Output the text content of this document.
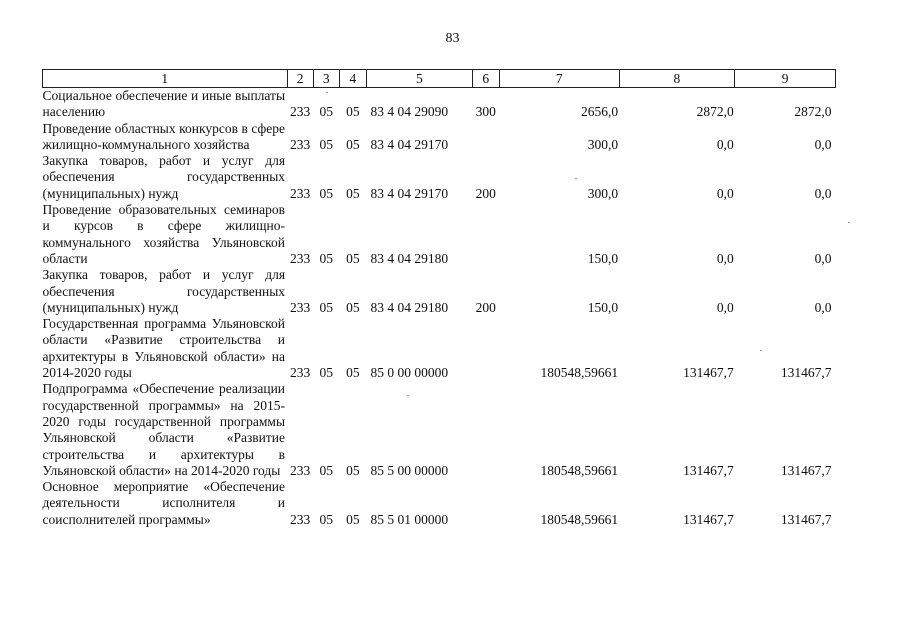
83
1	2	3	4	5	6	7	8	9
Социальное обеспечение и иные выплаты населению	233	05	05	83 4 04 29090	300	2656,0	2872,0	2872,0
Проведение областных конкурсов в сфере жилищно-коммунального хозяйства	233	05	05	83 4 04 29170		300,0	0,0	0,0
Закупка товаров, работ и услуг для обеспечения государственных (муниципальных) нужд	233	05	05	83 4 04 29170	200	300,0	0,0	0,0
Проведение образовательных семинаров и курсов в сфере жилищно-коммунального хозяйства Ульяновской области	233	05	05	83 4 04 29180		150,0	0,0	0,0
Закупка товаров, работ и услуг для обеспечения государственных (муниципальных) нужд	233	05	05	83 4 04 29180	200	150,0	0,0	0,0
Государственная программа Ульяновской области «Развитие строительства и архитектуры в Ульяновской области» на 2014-2020 годы	233	05	05	85 0 00 00000		180548,59661	131467,7	131467,7
Подпрограмма «Обеспечение реализации государственной программы» на 2015-2020 годы государственной программы Ульяновской области «Развитие строительства и архитектуры в Ульяновской области» на 2014-2020 годы	233	05	05	85 5 00 00000		180548,59661	131467,7	131467,7
Основное мероприятие «Обеспечение деятельности исполнителя и соисполнителей программы»	233	05	05	85 5 01 00000		180548,59661	131467,7	131467,7
